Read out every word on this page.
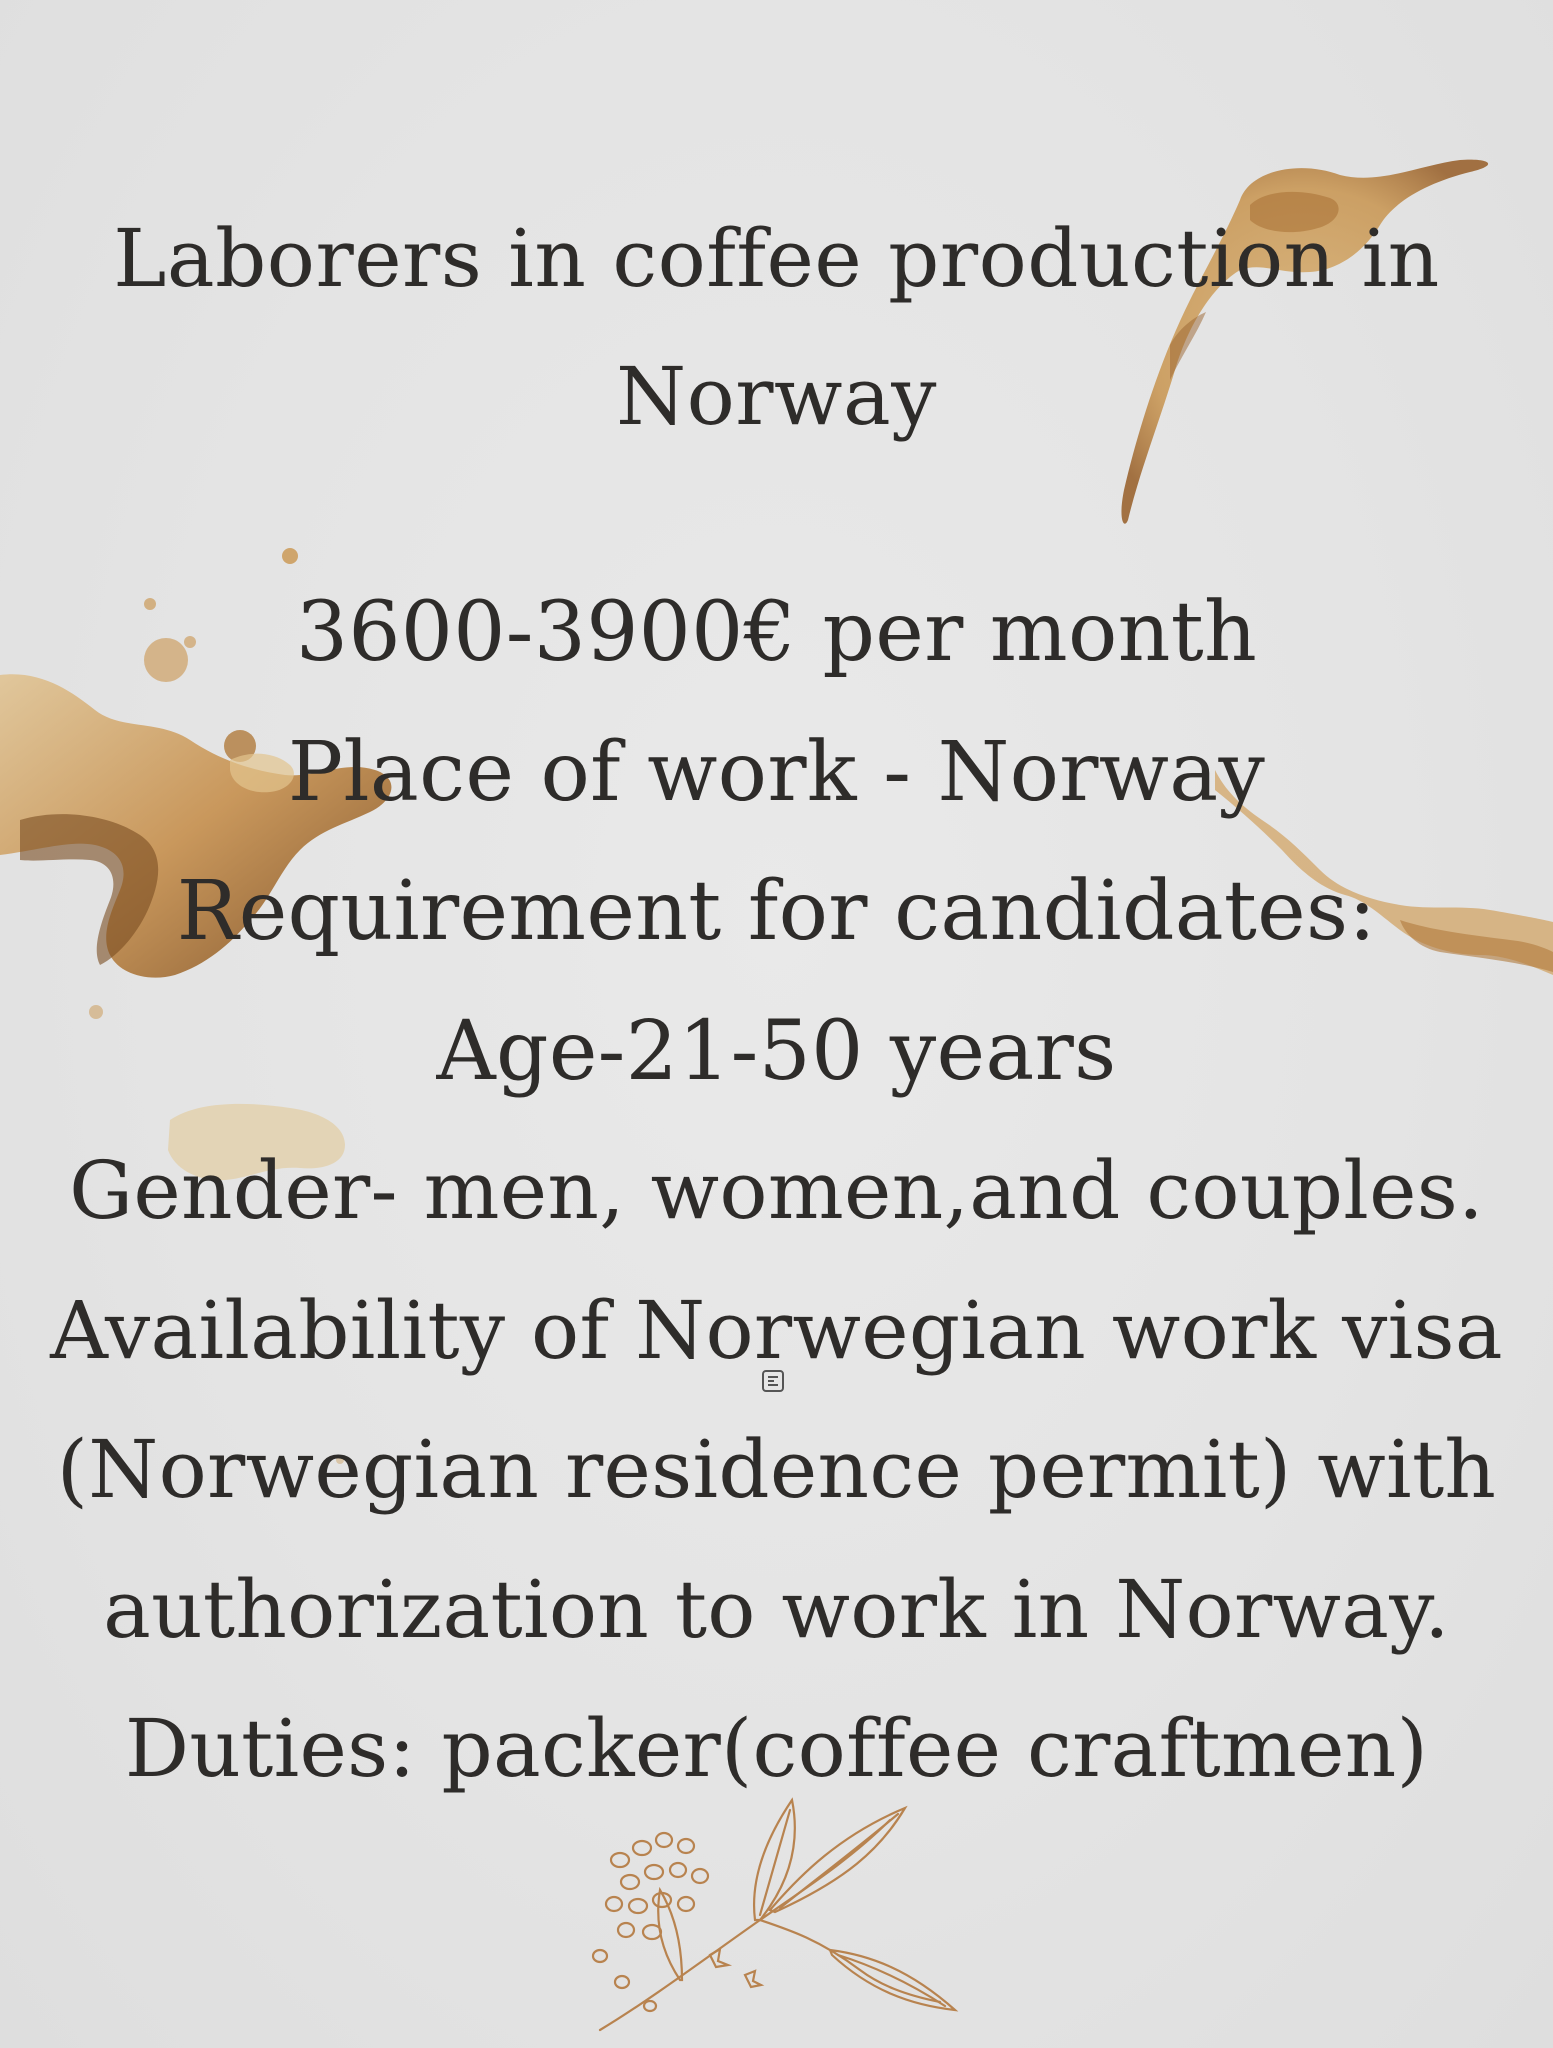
Laborers in coffee production in
Norway
3600-3900€ per month
Place of work - Norway
Requirement for candidates:
Age-21-50 years
Gender- men, women,and couples.
Availability of Norwegian work visa
(Norwegian residence permit) with
authorization to work in Norway.
Duties: packer(coffee craftmen)
